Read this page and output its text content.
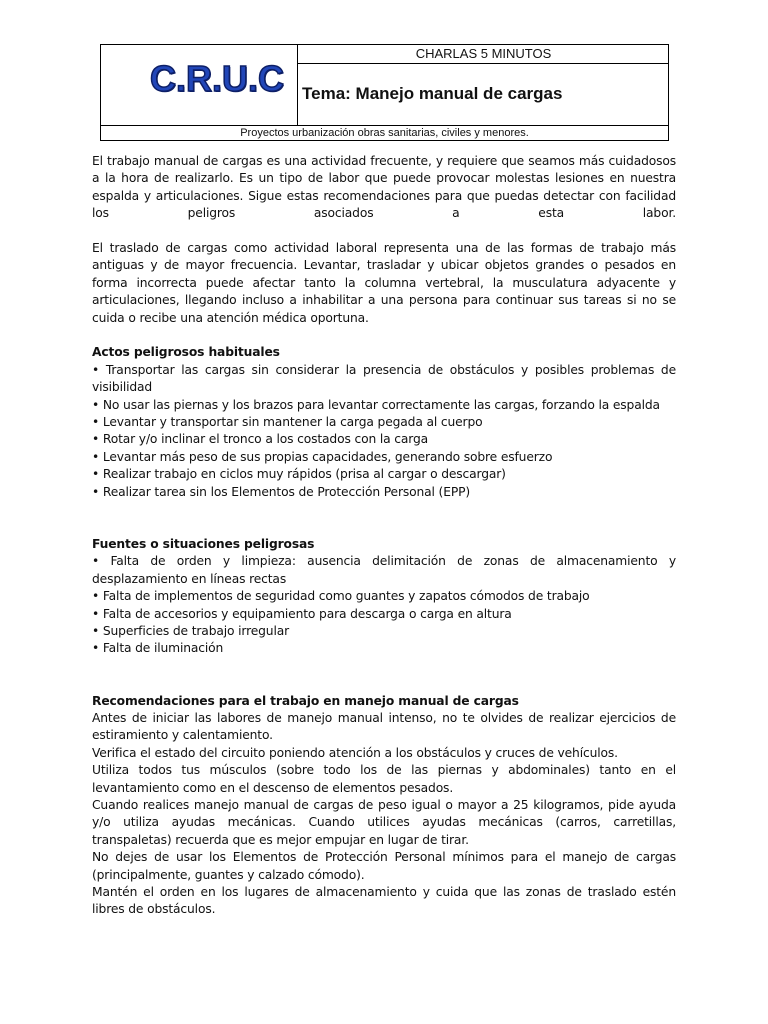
C.R.U.C
CHARLAS 5 MINUTOS
Tema: Manejo manual de cargas
Proyectos urbanización obras sanitarias, civiles y menores.

El trabajo manual de cargas es una actividad frecuente, y requiere que seamos más cuidadosos a la hora de realizarlo. Es un tipo de labor que puede provocar molestas lesiones en nuestra espalda y articulaciones. Sigue estas recomendaciones para que puedas detectar con facilidad los peligros asociados a esta labor.

El traslado de cargas como actividad laboral representa una de las formas de trabajo más antiguas y de mayor frecuencia. Levantar, trasladar y ubicar objetos grandes o pesados en forma incorrecta puede afectar tanto la columna vertebral, la musculatura adyacente y articulaciones, llegando incluso a inhabilitar a una persona para continuar sus tareas si no se cuida o recibe una atención médica oportuna.

Actos peligrosos habituales

• Transportar las cargas sin considerar la presencia de obstáculos y posibles problemas de visibilidad
• No usar las piernas y los brazos para levantar correctamente las cargas, forzando la espalda
• Levantar y transportar sin mantener la carga pegada al cuerpo
• Rotar y/o inclinar el tronco a los costados con la carga
• Levantar más peso de sus propias capacidades, generando sobre esfuerzo
• Realizar trabajo en ciclos muy rápidos (prisa al cargar o descargar)
• Realizar tarea sin los Elementos de Protección Personal (EPP)

Fuentes o situaciones peligrosas

• Falta de orden y limpieza: ausencia delimitación de zonas de almacenamiento y desplazamiento en líneas rectas
• Falta de implementos de seguridad como guantes y zapatos cómodos de trabajo
• Falta de accesorios y equipamiento para descarga o carga en altura
• Superficies de trabajo irregular
• Falta de iluminación

Recomendaciones para el trabajo en manejo manual de cargas

Antes de iniciar las labores de manejo manual intenso, no te olvides de realizar ejercicios de estiramiento y calentamiento.

Verifica el estado del circuito poniendo atención a los obstáculos y cruces de vehículos.

Utiliza todos tus músculos (sobre todo los de las piernas y abdominales) tanto en el levantamiento como en el descenso de elementos pesados.

Cuando realices manejo manual de cargas de peso igual o mayor a 25 kilogramos, pide ayuda y/o utiliza ayudas mecánicas. Cuando utilices ayudas mecánicas (carros, carretillas, transpaletas) recuerda que es mejor empujar en lugar de tirar.

No dejes de usar los Elementos de Protección Personal mínimos para el manejo de cargas (principalmente, guantes y calzado cómodo).

Mantén el orden en los lugares de almacenamiento y cuida que las zonas de traslado estén libres de obstáculos.
